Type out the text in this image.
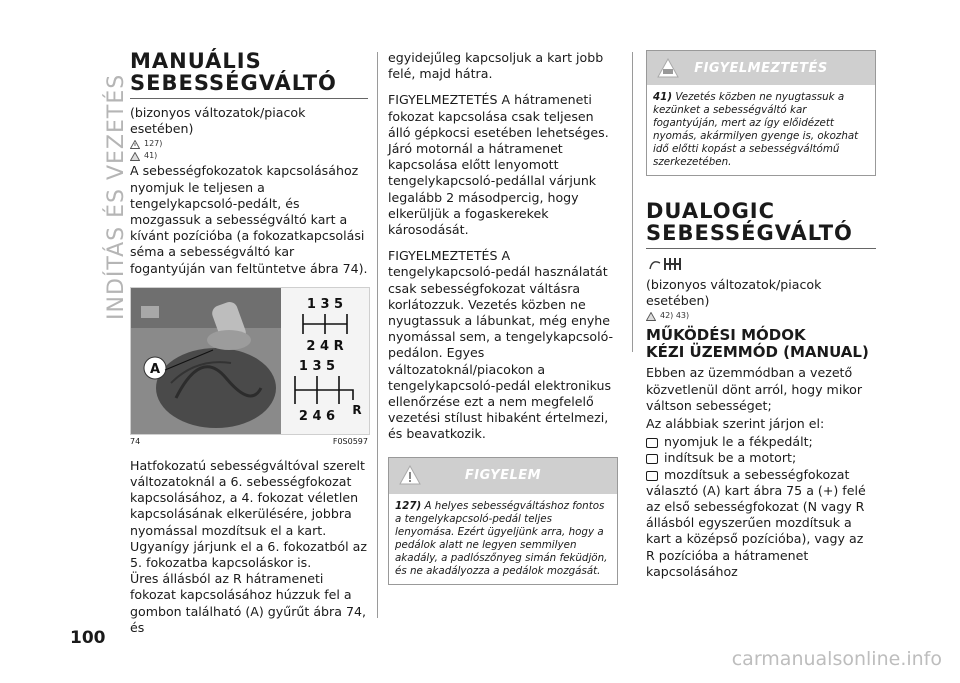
INDÍTÁS ÉS VEZETÉS
MANUÁLIS
SEBESSÉGVÁLTÓ
(bizonyos változatok/piacok esetében)
127)
41)
A sebességfokozatok kapcsolásához nyomjuk le teljesen a tengelykapcsoló-pedált, és mozgassuk a sebességváltó kart a kívánt pozícióba (a fokozatkapcsolási séma a sebességváltó kar fogantyúján van feltüntetve ábra 74).
A
1 3 5
2 4 R
1 3 5
2 4 6 R
74	F0S0597
Hatfokozatú sebességváltóval szerelt változatoknál a 6. sebességfokozat kapcsolásához, a 4. fokozat véletlen kapcsolásának elkerülésére, jobbra nyomással mozdítsuk el a kart. Ugyanígy járjunk el a 6. fokozatból az 5. fokozatba kapcsoláskor is.
Üres állásból az R hátrameneti fokozat kapcsolásához húzzuk fel a gombon található (A) gyűrűt ábra 74, és
egyidejűleg kapcsoljuk a kart jobb felé, majd hátra.
FIGYELMEZTETÉS A hátrameneti fokozat kapcsolása csak teljesen álló gépkocsi esetében lehetséges. Járó motornál a hátramenet kapcsolása előtt lenyomott tengelykapcsoló-pedállal várjunk legalább 2 másodpercig, hogy elkerüljük a fogaskerekek károsodását.
FIGYELMEZTETÉS A tengelykapcsoló-pedál használatát csak sebességfokozat váltásra korlátozzuk. Vezetés közben ne nyugtassuk a lábunkat, még enyhe nyomással sem, a tengelykapcsoló-pedálon. Egyes változatoknál/piacokon a tengelykapcsoló-pedál elektronikus ellenőrzése ezt a nem megfelelő vezetési stílust hibaként értelmezi, és beavatkozik.
FIGYELEM
127) A helyes sebességváltáshoz fontos a tengelykapcsoló-pedál teljes lenyomása. Ezért ügyeljünk arra, hogy a pedálok alatt ne legyen semmilyen akadály, a padlószőnyeg simán feküdjön, és ne akadályozza a pedálok mozgását.
FIGYELMEZTETÉS
41) Vezetés közben ne nyugtassuk a kezünket a sebességváltó kar fogantyúján, mert az így előidézett nyomás, akármilyen gyenge is, okozhat idő előtti kopást a sebességváltómű szerkezetében.
DUALOGIC
SEBESSÉGVÁLTÓ
(bizonyos változatok/piacok esetében)
42) 43)
MŰKÖDÉSI MÓDOK
KÉZI ÜZEMMÓD (MANUAL)
Ebben az üzemmódban a vezető közvetlenül dönt arról, hogy mikor váltson sebességet;
Az alábbiak szerint járjon el:
nyomjuk le a fékpedált;
indítsuk be a motort;
mozdítsuk a sebességfokozat
választó (A) kart ábra 75 a (+) felé az első sebességfokozat (N vagy R állásból egyszerűen mozdítsuk a kart a középső pozícióba), vagy az R pozícióba a hátramenet kapcsolásához
100
carmanualsonline.info
